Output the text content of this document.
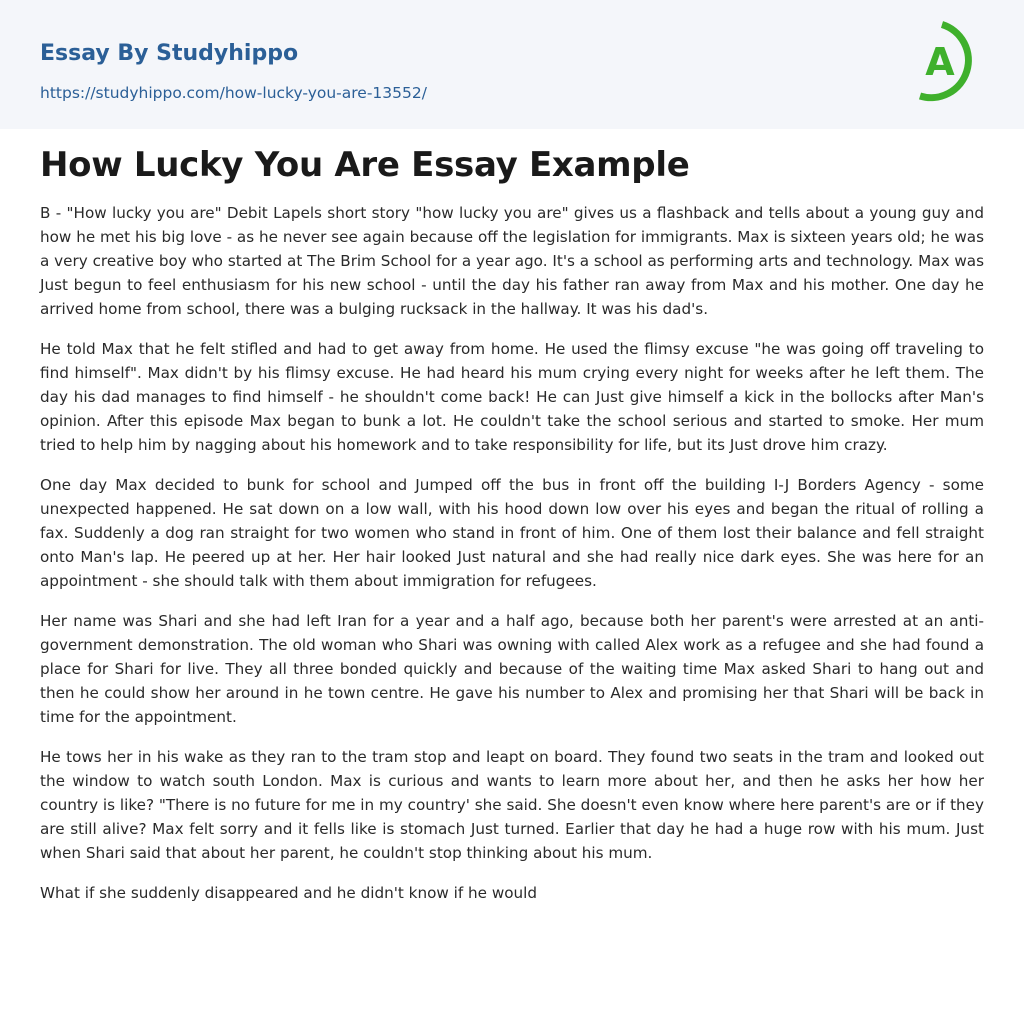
Essay By Studyhippo
https://studyhippo.com/how-lucky-you-are-13552/
A
How Lucky You Are Essay Example

B - "How lucky you are" Debit Lapels short story "how lucky you are" gives us a flashback and tells about a young guy and how he met his big love - as he never see again because off the legislation for immigrants. Max is sixteen years old; he was a very creative boy who started at The Brim School for a year ago. It's a school as performing arts and technology. Max was Just begun to feel enthusiasm for his new school - until the day his father ran away from Max and his mother. One day he arrived home from school, there was a bulging rucksack in the hallway. It was his dad's.

He told Max that he felt stifled and had to get away from home. He used the flimsy excuse "he was going off traveling to find himself". Max didn't by his flimsy excuse. He had heard his mum crying every night for weeks after he left them. The day his dad manages to find himself - he shouldn't come back! He can Just give himself a kick in the bollocks after Man's opinion. After this episode Max began to bunk a lot. He couldn't take the school serious and started to smoke. Her mum tried to help him by nagging about his homework and to take responsibility for life, but its Just drove him crazy.

One day Max decided to bunk for school and Jumped off the bus in front off the building I-J Borders Agency - some unexpected happened. He sat down on a low wall, with his hood down low over his eyes and began the ritual of rolling a fax. Suddenly a dog ran straight for two women who stand in front of him. One of them lost their balance and fell straight onto Man's lap. He peered up at her. Her hair looked Just natural and she had really nice dark eyes. She was here for an appointment - she should talk with them about immigration for refugees.

Her name was Shari and she had left Iran for a year and a half ago, because both her parent's were arrested at an anti-government demonstration. The old woman who Shari was owning with called Alex work as a refugee and she had found a place for Shari for live. They all three bonded quickly and because of the waiting time Max asked Shari to hang out and then he could show her around in he town centre. He gave his number to Alex and promising her that Shari will be back in time for the appointment.

He tows her in his wake as they ran to the tram stop and leapt on board. They found two seats in the tram and looked out the window to watch south London. Max is curious and wants to learn more about her, and then he asks her how her country is like? "There is no future for me in my country' she said. She doesn't even know where here parent's are or if they are still alive? Max felt sorry and it fells like is stomach Just turned. Earlier that day he had a huge row with his mum. Just when Shari said that about her parent, he couldn't stop thinking about his mum.

What if she suddenly disappeared and he didn't know if he would
